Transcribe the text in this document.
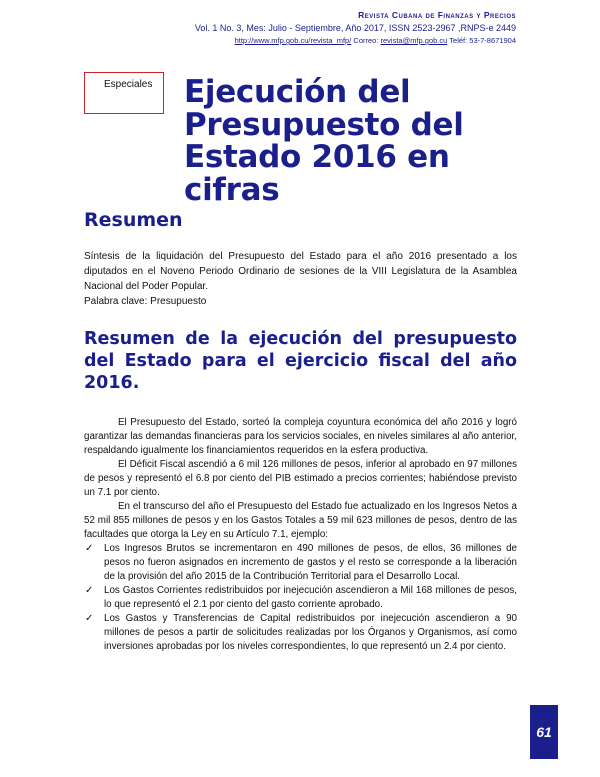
Revista Cubana de Finanzas y Precios
Vol. 1 No. 3, Mes: Julio - Septiembre, Año 2017, ISSN 2523-2967 ,RNPS-e 2449
http://www.mfp.gob.cu/revista_mfp/ Correo: revista@mfp.gob.cu Teléf: 53-7-8671904
Especiales	Ejecución del Presupuesto del Estado 2016 en cifras
Resumen

Síntesis de la liquidación del Presupuesto del Estado para el año 2016 presentado a los diputados en el Noveno Periodo Ordinario de sesiones de la VIII Legislatura de la Asamblea Nacional del Poder Popular.

Palabra clave: Presupuesto

Resumen de la ejecución del presupuesto del Estado para el ejercicio fiscal del año 2016.

El Presupuesto del Estado, sorteó la compleja coyuntura económica del año 2016 y logró garantizar las demandas financieras para los servicios sociales, en niveles similares al año anterior, respaldando igualmente los financiamientos requeridos en la esfera productiva.

El Déficit Fiscal ascendió a 6 mil 126 millones de pesos, inferior al aprobado en 97 millones de pesos y representó el 6.8 por ciento del PIB estimado a precios corrientes; habiéndose previsto un 7.1 por ciento.

En el transcurso del año el Presupuesto del Estado fue actualizado en los Ingresos Netos a 52 mil 855 millones de pesos y en los Gastos Totales a 59 mil 623 millones de pesos, dentro de las facultades que otorga la Ley en su Artículo 7.1, ejemplo:

✓ Los Ingresos Brutos se incrementaron en 490 millones de pesos, de ellos, 36 millones de pesos no fueron asignados en incremento de gastos y el resto se corresponde a la liberación de la provisión del año 2015 de la Contribución Territorial para el Desarrollo Local.
✓ Los Gastos Corrientes redistribuidos por inejecución ascendieron a Mil 168 millones de pesos, lo que representó el 2.1 por ciento del gasto corriente aprobado.
✓ Los Gastos y Transferencias de Capital redistribuidos por inejecución ascendieron a 90 millones de pesos a partir de solicitudes realizadas por los Órganos y Organismos, así como inversiones aprobadas por los niveles correspondientes, lo que representó un 2.4 por ciento.
61
